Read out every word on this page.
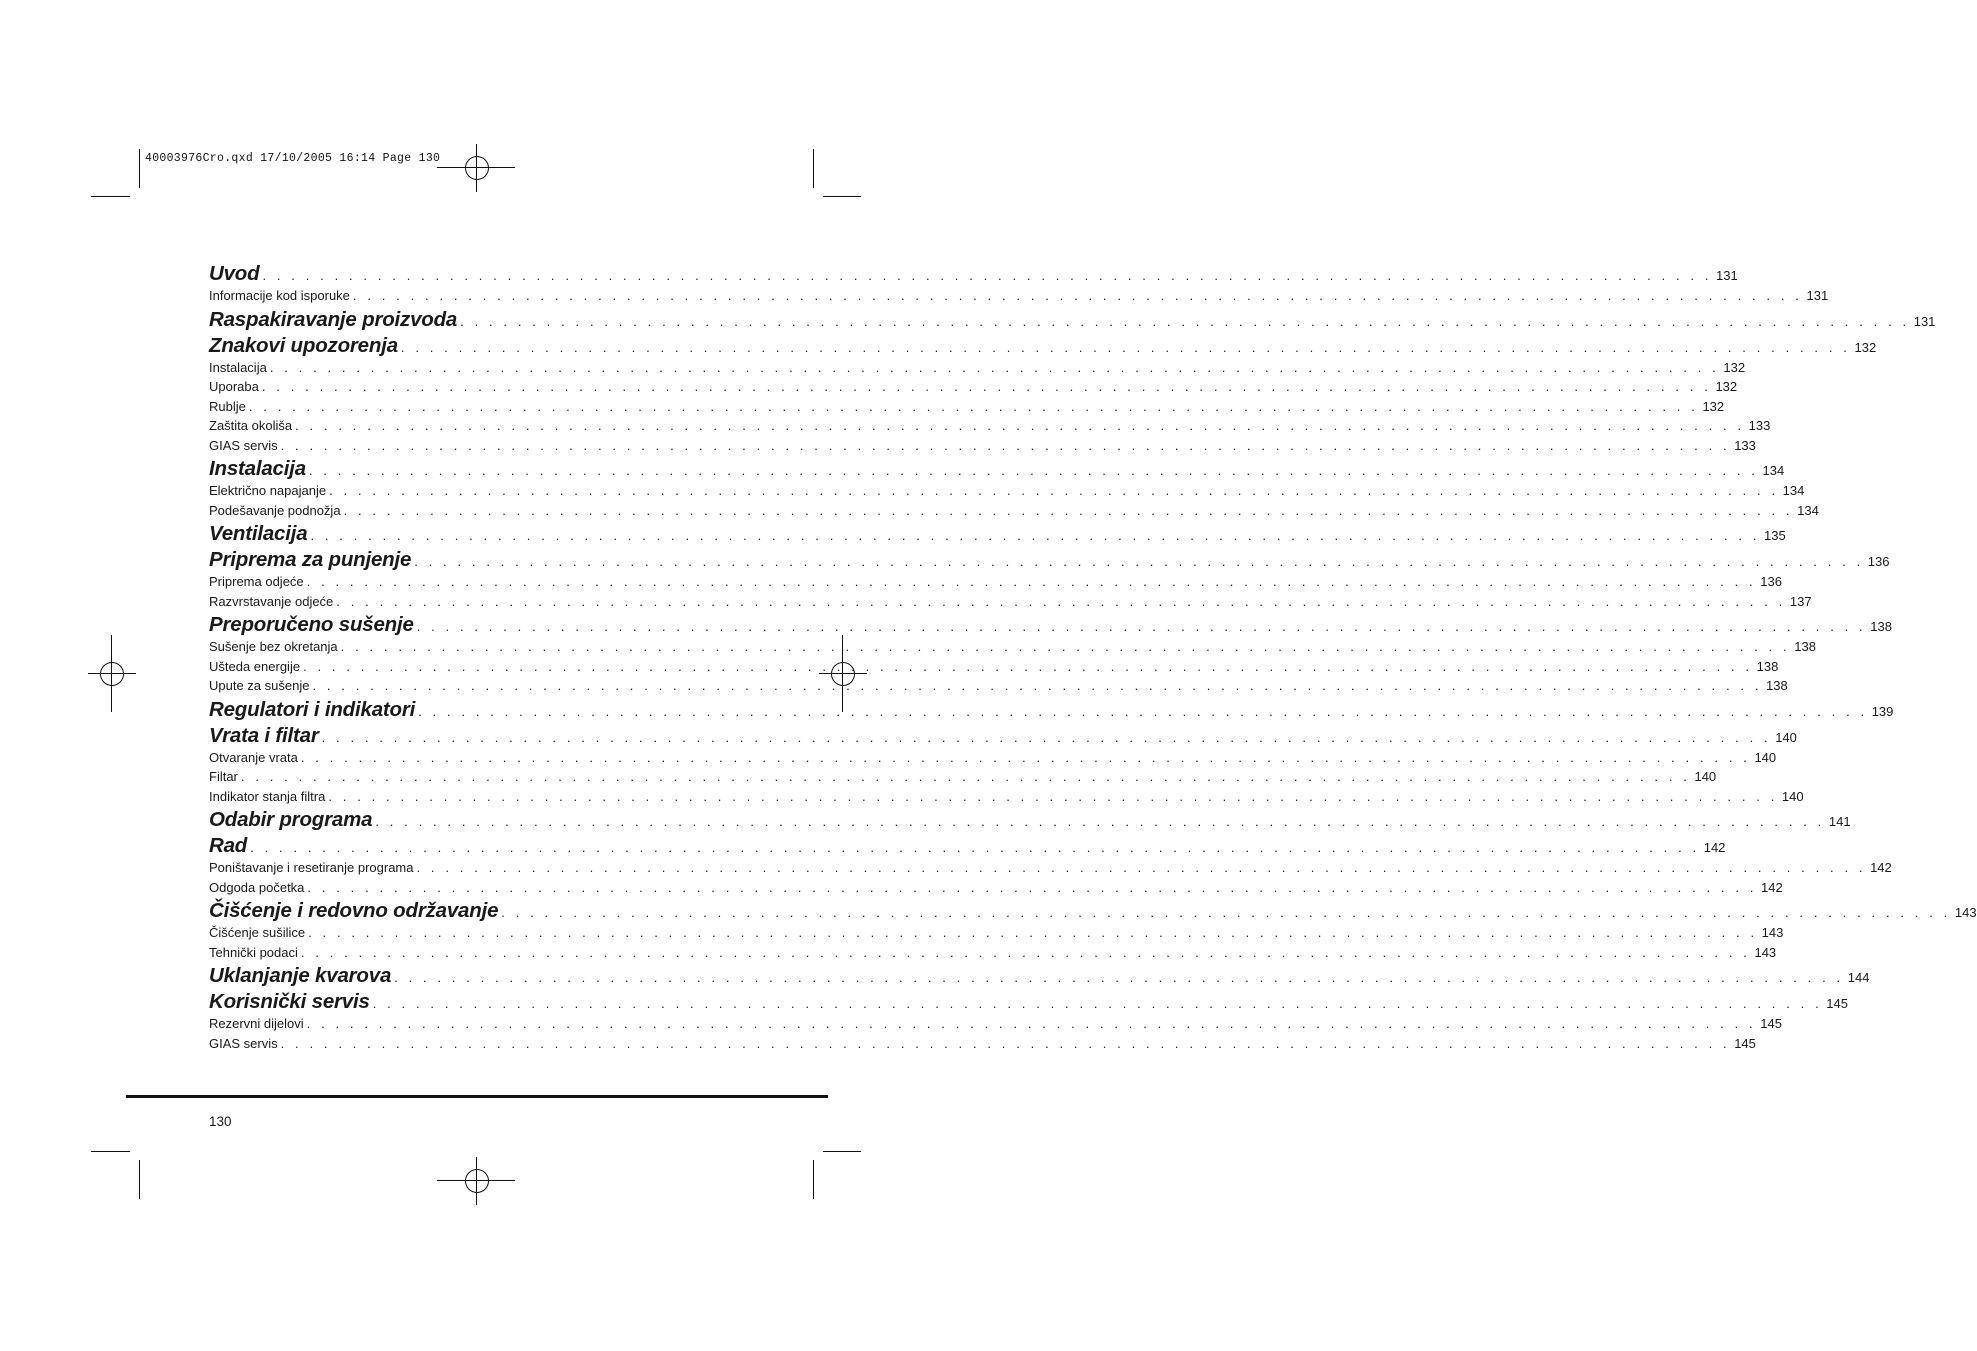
40003976Cro.qxd 17/10/2005 16:14 Page 130
Uvod . . . . . . . . . . . . . . . . . . . . . . . . . . . . . . . . . . . . . . . . . . . . . . . . . . . . . . . . . . . . . . . . . . . . . . . . . . . . . . . . . . . . . . . . . . . . . . . . . . . . . 131
Informacije kod isporuke . . . . . . . . . . . . . . . . . . . . . . . . . . . . . . . . . . . . . . . . . . . . . . . . . . . . . . . . . . . . . . . . . . . . . . . . . . . . . . . . . . . . . . . . . . . . . . . . . . . . . 131
Raspakiravanje proizvoda . . . . . . . . . . . . . . . . . . . . . . . . . . . . . . . . . . . . . . . . . . . . . . . . . . . . . . . . . . . . . . . . . . . . . . . . . . . . . . . . . . . . . . . . . . . . . . . . . . . . . 131
Znakovi upozorenja . . . . . . . . . . . . . . . . . . . . . . . . . . . . . . . . . . . . . . . . . . . . . . . . . . . . . . . . . . . . . . . . . . . . . . . . . . . . . . . . . . . . . . . . . . . . . . . . . . . . . 132
Instalacija . . . . . . . . . . . . . . . . . . . . . . . . . . . . . . . . . . . . . . . . . . . . . . . . . . . . . . . . . . . . . . . . . . . . . . . . . . . . . . . . . . . . . . . . . . . . . . . . . . . . . 132
Uporaba . . . . . . . . . . . . . . . . . . . . . . . . . . . . . . . . . . . . . . . . . . . . . . . . . . . . . . . . . . . . . . . . . . . . . . . . . . . . . . . . . . . . . . . . . . . . . . . . . . . . . 132
Rublje . . . . . . . . . . . . . . . . . . . . . . . . . . . . . . . . . . . . . . . . . . . . . . . . . . . . . . . . . . . . . . . . . . . . . . . . . . . . . . . . . . . . . . . . . . . . . . . . . . . . . 132
Zaštita okoliša . . . . . . . . . . . . . . . . . . . . . . . . . . . . . . . . . . . . . . . . . . . . . . . . . . . . . . . . . . . . . . . . . . . . . . . . . . . . . . . . . . . . . . . . . . . . . . . . . . . . . 133
GIAS servis . . . . . . . . . . . . . . . . . . . . . . . . . . . . . . . . . . . . . . . . . . . . . . . . . . . . . . . . . . . . . . . . . . . . . . . . . . . . . . . . . . . . . . . . . . . . . . . . . . . . . 133
Instalacija . . . . . . . . . . . . . . . . . . . . . . . . . . . . . . . . . . . . . . . . . . . . . . . . . . . . . . . . . . . . . . . . . . . . . . . . . . . . . . . . . . . . . . . . . . . . . . . . . . . . . 134
Električno napajanje . . . . . . . . . . . . . . . . . . . . . . . . . . . . . . . . . . . . . . . . . . . . . . . . . . . . . . . . . . . . . . . . . . . . . . . . . . . . . . . . . . . . . . . . . . . . . . . . . . . . . 134
Podešavanje podnožja . . . . . . . . . . . . . . . . . . . . . . . . . . . . . . . . . . . . . . . . . . . . . . . . . . . . . . . . . . . . . . . . . . . . . . . . . . . . . . . . . . . . . . . . . . . . . . . . . . . . . 134
Ventilacija . . . . . . . . . . . . . . . . . . . . . . . . . . . . . . . . . . . . . . . . . . . . . . . . . . . . . . . . . . . . . . . . . . . . . . . . . . . . . . . . . . . . . . . . . . . . . . . . . . . . . 135
Priprema za punjenje . . . . . . . . . . . . . . . . . . . . . . . . . . . . . . . . . . . . . . . . . . . . . . . . . . . . . . . . . . . . . . . . . . . . . . . . . . . . . . . . . . . . . . . . . . . . . . . . . . . . . 136
Priprema odjeće . . . . . . . . . . . . . . . . . . . . . . . . . . . . . . . . . . . . . . . . . . . . . . . . . . . . . . . . . . . . . . . . . . . . . . . . . . . . . . . . . . . . . . . . . . . . . . . . . . . . . 136
Razvrstavanje odjeće . . . . . . . . . . . . . . . . . . . . . . . . . . . . . . . . . . . . . . . . . . . . . . . . . . . . . . . . . . . . . . . . . . . . . . . . . . . . . . . . . . . . . . . . . . . . . . . . . . . . . 137
Preporučeno sušenje . . . . . . . . . . . . . . . . . . . . . . . . . . . . . . . . . . . . . . . . . . . . . . . . . . . . . . . . . . . . . . . . . . . . . . . . . . . . . . . . . . . . . . . . . . . . . . . . . . . . . 138
Sušenje bez okretanja . . . . . . . . . . . . . . . . . . . . . . . . . . . . . . . . . . . . . . . . . . . . . . . . . . . . . . . . . . . . . . . . . . . . . . . . . . . . . . . . . . . . . . . . . . . . . . . . . . . . . 138
Ušteda energije . . . . . . . . . . . . . . . . . . . . . . . . . . . . . . . . . . . . . . . . . . . . . . . . . . . . . . . . . . . . . . . . . . . . . . . . . . . . . . . . . . . . . . . . . . . . . . . . . . . . . 138
Upute za sušenje . . . . . . . . . . . . . . . . . . . . . . . . . . . . . . . . . . . . . . . . . . . . . . . . . . . . . . . . . . . . . . . . . . . . . . . . . . . . . . . . . . . . . . . . . . . . . . . . . . . . . 138
Regulatori i indikatori . . . . . . . . . . . . . . . . . . . . . . . . . . . . . . . . . . . . . . . . . . . . . . . . . . . . . . . . . . . . . . . . . . . . . . . . . . . . . . . . . . . . . . . . . . . . . . . . . . . . . 139
Vrata i filtar . . . . . . . . . . . . . . . . . . . . . . . . . . . . . . . . . . . . . . . . . . . . . . . . . . . . . . . . . . . . . . . . . . . . . . . . . . . . . . . . . . . . . . . . . . . . . . . . . . . . . 140
Otvaranje vrata . . . . . . . . . . . . . . . . . . . . . . . . . . . . . . . . . . . . . . . . . . . . . . . . . . . . . . . . . . . . . . . . . . . . . . . . . . . . . . . . . . . . . . . . . . . . . . . . . . . . . 140
Filtar . . . . . . . . . . . . . . . . . . . . . . . . . . . . . . . . . . . . . . . . . . . . . . . . . . . . . . . . . . . . . . . . . . . . . . . . . . . . . . . . . . . . . . . . . . . . . . . . . . . . . 140
Indikator stanja filtra . . . . . . . . . . . . . . . . . . . . . . . . . . . . . . . . . . . . . . . . . . . . . . . . . . . . . . . . . . . . . . . . . . . . . . . . . . . . . . . . . . . . . . . . . . . . . . . . . . . . . 140
Odabir programa . . . . . . . . . . . . . . . . . . . . . . . . . . . . . . . . . . . . . . . . . . . . . . . . . . . . . . . . . . . . . . . . . . . . . . . . . . . . . . . . . . . . . . . . . . . . . . . . . . . . . 141
Rad . . . . . . . . . . . . . . . . . . . . . . . . . . . . . . . . . . . . . . . . . . . . . . . . . . . . . . . . . . . . . . . . . . . . . . . . . . . . . . . . . . . . . . . . . . . . . . . . . . . . . 142
Poništavanje i resetiranje programa . . . . . . . . . . . . . . . . . . . . . . . . . . . . . . . . . . . . . . . . . . . . . . . . . . . . . . . . . . . . . . . . . . . . . . . . . . . . . . . . . . . . . . . . . . . . . . . . . . . . . 142
Odgoda početka . . . . . . . . . . . . . . . . . . . . . . . . . . . . . . . . . . . . . . . . . . . . . . . . . . . . . . . . . . . . . . . . . . . . . . . . . . . . . . . . . . . . . . . . . . . . . . . . . . . . . 142
Čišćenje i redovno održavanje . . . . . . . . . . . . . . . . . . . . . . . . . . . . . . . . . . . . . . . . . . . . . . . . . . . . . . . . . . . . . . . . . . . . . . . . . . . . . . . . . . . . . . . . . . . . . . . . . . . . . 143
Čišćenje sušilice . . . . . . . . . . . . . . . . . . . . . . . . . . . . . . . . . . . . . . . . . . . . . . . . . . . . . . . . . . . . . . . . . . . . . . . . . . . . . . . . . . . . . . . . . . . . . . . . . . . . . 143
Tehnički podaci . . . . . . . . . . . . . . . . . . . . . . . . . . . . . . . . . . . . . . . . . . . . . . . . . . . . . . . . . . . . . . . . . . . . . . . . . . . . . . . . . . . . . . . . . . . . . . . . . . . . . 143
Uklanjanje kvarova . . . . . . . . . . . . . . . . . . . . . . . . . . . . . . . . . . . . . . . . . . . . . . . . . . . . . . . . . . . . . . . . . . . . . . . . . . . . . . . . . . . . . . . . . . . . . . . . . . . . . 144
Korisnički servis . . . . . . . . . . . . . . . . . . . . . . . . . . . . . . . . . . . . . . . . . . . . . . . . . . . . . . . . . . . . . . . . . . . . . . . . . . . . . . . . . . . . . . . . . . . . . . . . . . . . . 145
Rezervni dijelovi . . . . . . . . . . . . . . . . . . . . . . . . . . . . . . . . . . . . . . . . . . . . . . . . . . . . . . . . . . . . . . . . . . . . . . . . . . . . . . . . . . . . . . . . . . . . . . . . . . . . . 145
GIAS servis . . . . . . . . . . . . . . . . . . . . . . . . . . . . . . . . . . . . . . . . . . . . . . . . . . . . . . . . . . . . . . . . . . . . . . . . . . . . . . . . . . . . . . . . . . . . . . . . . . . . . 145
130
